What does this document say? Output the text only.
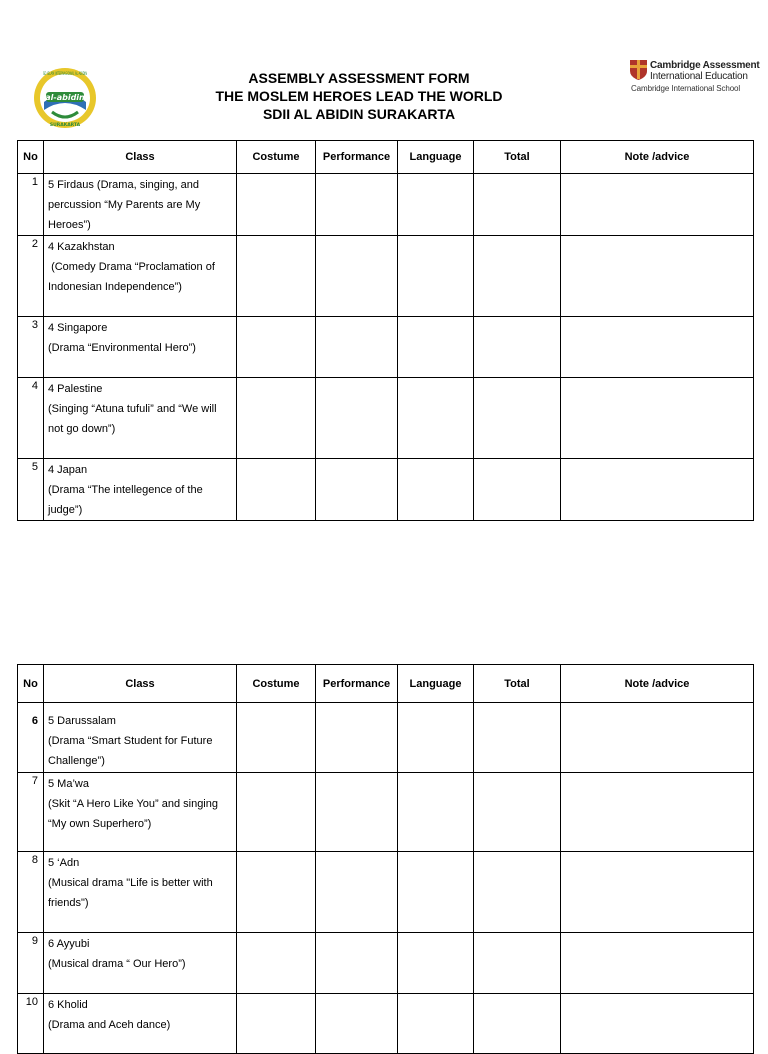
al-abidin
SURAKARTA
SD ISLAM INTERNASIONAL AL-ABIDIN	ASSEMBLY ASSESSMENT FORM
THE MOSLEM HEROES LEAD THE WORLD
SDII AL ABIDIN SURAKARTA
Cambridge Assessment
International Education
Cambridge International School
No	Class	Costume	Performance	Language	Total	Note /advice
1	5 Firdaus (Drama, singing, and
percussion “My Parents are My Heroes”)					

2	4 Kazakhstan
(Comedy Drama “Proclamation of Indonesian Independence”)					

3	4 Singapore
(Drama “Environmental Hero”)					

4	4 Palestine
(Singing “Atuna tufuli” and “We will not go down”)					

5	4 Japan
(Drama “The intellegence of the judge”)					

No	Class	Costume	Performance	Language	Total	Note /advice
6	5 Darussalam
(Drama “Smart Student for Future Challenge”)					

7	5 Ma’wa
(Skit “A Hero Like You” and singing “My own Superhero”)					

8	5 ‘Adn
(Musical drama "Life is better with friends")					

9	6 Ayyubi
(Musical drama “ Our Hero”)					

10	6 Kholid
(Drama and Aceh dance)					
